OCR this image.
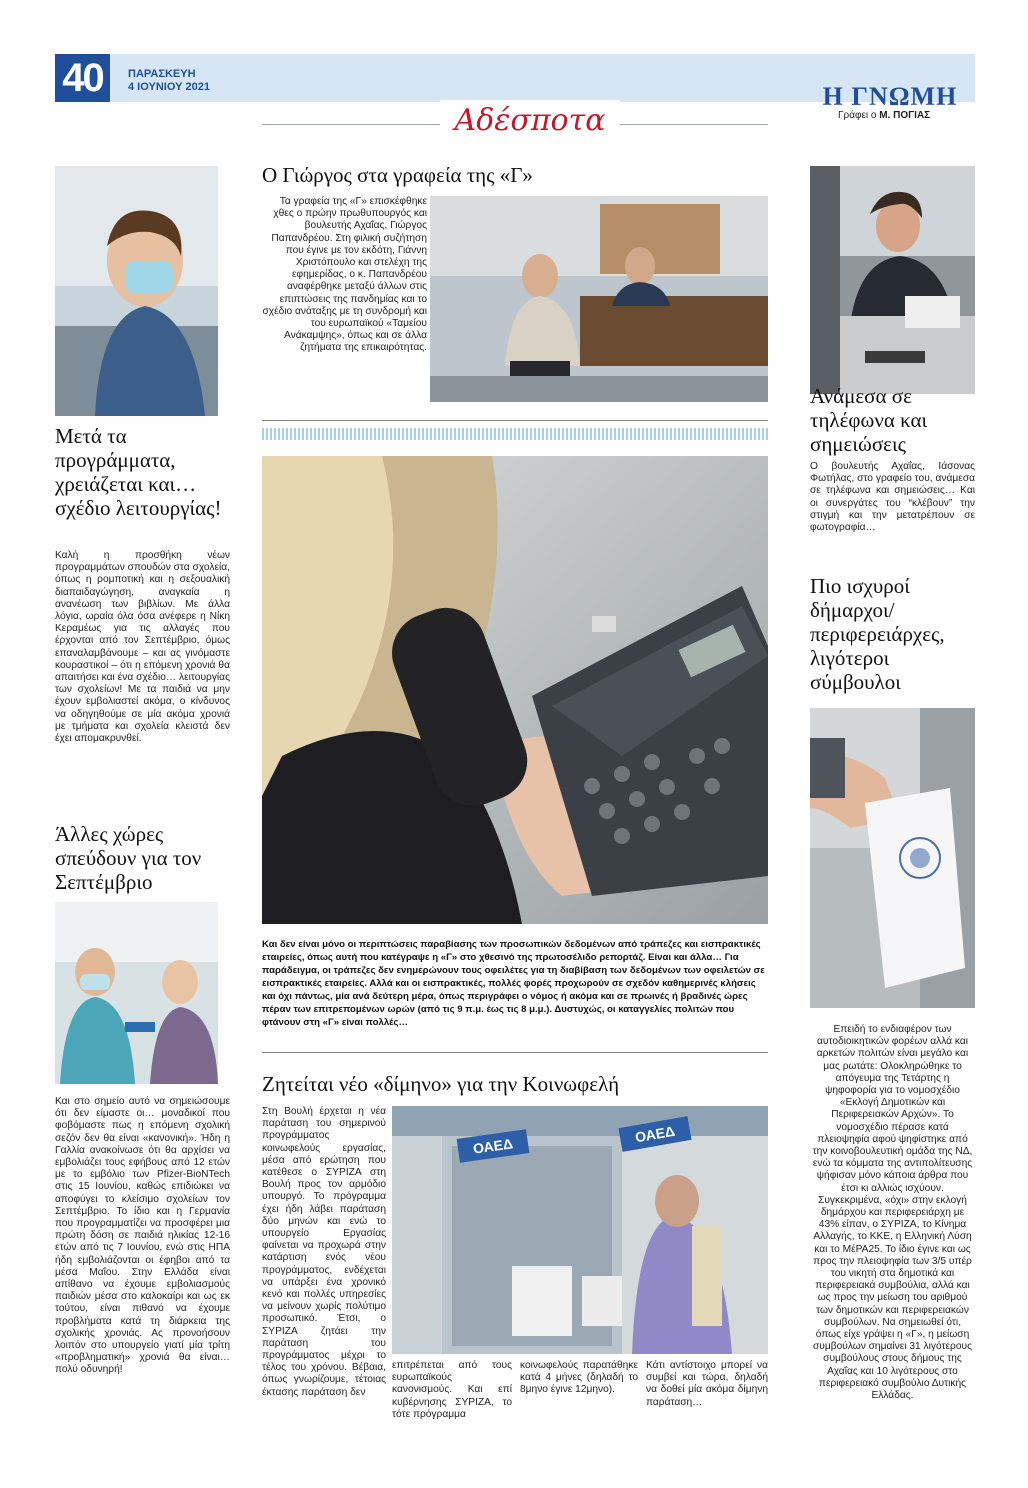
40	ΠΑΡΑΣΚΕΥΗ
4 ΙΟΥΝΙΟΥ 2021	Η ΓΝΩΜΗ
Γράφει ο Μ. ΠΟΓΙΑΣ
Αδέσποτα
Μετά τα προγράμματα, χρειάζεται και… σχέδιο λειτουργίας!
Καλή η προσθήκη νέων προγραμμάτων σπουδών στα σχολεία, όπως η ρομποτική και η σεξουαλική διαπαιδαγώγηση, αναγκαία η ανανέωση των βιβλίων. Με άλλα λόγια, ωραία όλα όσα ανέφερε η Νίκη Κεραμέως για τις αλλαγές που έρχονται από τον Σεπτέμβριο, όμως επαναλαμβάνουμε – και ας γινόμαστε κουραστικοί – ότι η επόμενη χρονιά θα απαιτήσει και ένα σχέδιο… λειτουργίας των σχολείων! Με τα παιδιά να μην έχουν εμβολιαστεί ακόμα, ο κίνδυνος να οδηγηθούμε σε μία ακόμα χρονιά με τμήματα και σχολεία κλειστά δεν έχει απομακρυνθεί.
Άλλες χώρες σπεύδουν για τον Σεπτέμβριο
Και στο σημείο αυτό να σημειώσουμε ότι δεν είμαστε οι… μοναδικοί που φοβόμαστε πως η επόμενη σχολική σεζόν δεν θα είναι «κανονική». Ήδη η Γαλλία ανακοίνωσε ότι θα αρχίσει να εμβολιάζει τους εφήβους από 12 ετών με το εμβόλιο των Pfizer-BioNTech στις 15 Ιουνίου, καθώς επιδιώκει να αποφύγει το κλείσιμο σχολείων τον Σεπτέμβριο. Το ίδιο και η Γερμανία που προγραμματίζει να προσφέρει μια πρώτη δόση σε παιδιά ηλικίας 12-16 ετών από τις 7 Ιουνίου, ενώ στις ΗΠΑ ήδη εμβολιάζονται οι έφηβοι από τα μέσα Μαΐου. Στην Ελλάδα είναι απίθανο να έχουμε εμβολιασμούς παιδιών μέσα στο καλοκαίρι και ως εκ τούτου, είναι πιθανό να έχουμε προβλήματα κατά τη διάρκεια της σχολικής χρονιάς. Ας προνοήσουν λοιπόν στο υπουργείο γιατί μία τρίτη «προβληματική» χρονιά θα είναι… πολύ οδυνηρή!
Ο Γιώργος στα γραφεία της «Γ»
Τα γραφεία της «Γ» επισκέφθηκε χθες ο πρώην πρωθυπουργός και βουλευτής Αχαΐας, Γιώργος Παπανδρέου. Στη φιλική συζήτηση που έγινε με τον εκδότη, Γιάννη Χριστόπουλο και στελέχη της εφημερίδας, ο κ. Παπανδρέου αναφέρθηκε μεταξύ άλλων στις επιπτώσεις της πανδημίας και το σχέδιο ανάταξης με τη συνδρομή και του ευρωπαϊκού «Ταμείου Ανάκαμψης», όπως και σε άλλα ζητήματα της επικαιρότητας.
Και δεν είναι μόνο οι περιπτώσεις παραβίασης των προσωπικών δεδομένων από τράπεζες και εισπρακτικές εταιρείες, όπως αυτή που κατέγραψε η «Γ» στο χθεσινό της πρωτοσέλιδο ρεπορτάζ. Είναι και άλλα… Για παράδειγμα, οι τράπεζες δεν ενημερώνουν τους οφειλέτες για τη διαβίβαση των δεδομένων των οφειλετών σε εισπρακτικές εταιρείες. Αλλά και οι εισπρακτικές, πολλές φορές προχωρούν σε σχεδόν καθημερινές κλήσεις και όχι πάντως, μία ανά δεύτερη μέρα, όπως περιγράφει ο νόμος ή ακόμα και σε πρωινές ή βραδινές ώρες πέραν των επιτρεπομένων ωρών (από τις 9 π.μ. έως τις 8 μ.μ.). Δυστυχώς, οι καταγγελίες πολιτών που φτάνουν στη «Γ» είναι πολλές…
Ζητείται νέο «δίμηνο» για την Κοινωφελή
Στη Βουλή έρχεται η νέα παράταση του σημερινού προγράμματος κοινωφελούς εργασίας, μέσα από ερώτηση που κατέθεσε ο ΣΥΡΙΖΑ στη Βουλή προς τον αρμόδιο υπουργό. Το πρόγραμμα έχει ήδη λάβει παράταση δύο μηνών και ενώ το υπουργείο Εργασίας φαίνεται να προχωρά στην κατάρτιση ενός νέου προγράμματος, ενδέχεται να υπάρξει ένα χρονικό κενό και πολλές υπηρεσίες να μείνουν χωρίς πολύτιμο προσωπικό. Έτσι, ο ΣΥΡΙΖΑ ζητάει την παράταση του προγράμματος μέχρι το τέλος του χρόνου. Βέβαια, όπως γνωρίζουμε, τέτοιας έκτασης παράταση δεν
ΟΑΕΔ
ΟΑΕΔ
επιτρέπεται από τους ευρωπαϊκούς κανονισμούς. Και επί κυβέρνησης ΣΥΡΙΖΑ, το τότε πρόγραμμα
κοινωφελούς παρατάθηκε κατά 4 μήνες (δηλαδή το 8μηνο έγινε 12μηνο).
Κάτι αντίστοιχο μπορεί να συμβεί και τώρα, δηλαδή να δοθεί μία ακόμα δίμηνη παράταση…
Ανάμεσα σε τηλέφωνα και σημειώσεις
Ο βουλευτής Αχαΐας, Ιάσονας Φωτήλας, στο γραφείο του, ανάμεσα σε τηλέφωνα και σημειώσεις… Και οι συνεργάτες του “κλέβουν” την στιγμή και την μετατρέπουν σε φωτογραφία…
Πιο ισχυροί δήμαρχοι/ περιφερειάρχες, λιγότεροι σύμβουλοι
Επειδή το ενδιαφέρον των αυτοδιοικητικών φορέων αλλά και αρκετών πολιτών είναι μεγάλο και μας ρωτάτε: Ολοκληρώθηκε το απόγευμα της Τετάρτης η ψηφοφορία για το νομοσχέδιο «Εκλογή Δημοτικών και Περιφερειακών Αρχών». Το νομοσχέδιο πέρασε κατά πλειοψηφία αφού ψηφίστηκε από την κοινοβουλευτική ομάδα της ΝΔ, ενώ τα κόμματα της αντιπολίτευσης ψήφισαν μόνο κάποια άρθρα που έτσι κι αλλιώς ισχύουν. Συγκεκριμένα, «όχι» στην εκλογή δημάρχου και περιφερειάρχη με 43% είπαν, ο ΣΥΡΙΖΑ, το Κίνημα Αλλαγής, το ΚΚΕ, η Ελληνική Λύση και το ΜέΡΑ25. Το ίδιο έγινε και ως προς την πλειοψηφία των 3/5 υπέρ του νικητή στα δημοτικά και περιφερειακά συμβούλια, αλλά και ως προς την μείωση του αριθμού των δημοτικών και περιφερειακών συμβούλων. Να σημειωθεί ότι, όπως είχε γράψει η «Γ», η μείωση συμβούλων σημαίνει 31 λιγότερους συμβούλους στους δήμους της Αχαΐας και 10 λιγότερους στο περιφερειακό συμβούλιο Δυτικής Ελλάδας.
